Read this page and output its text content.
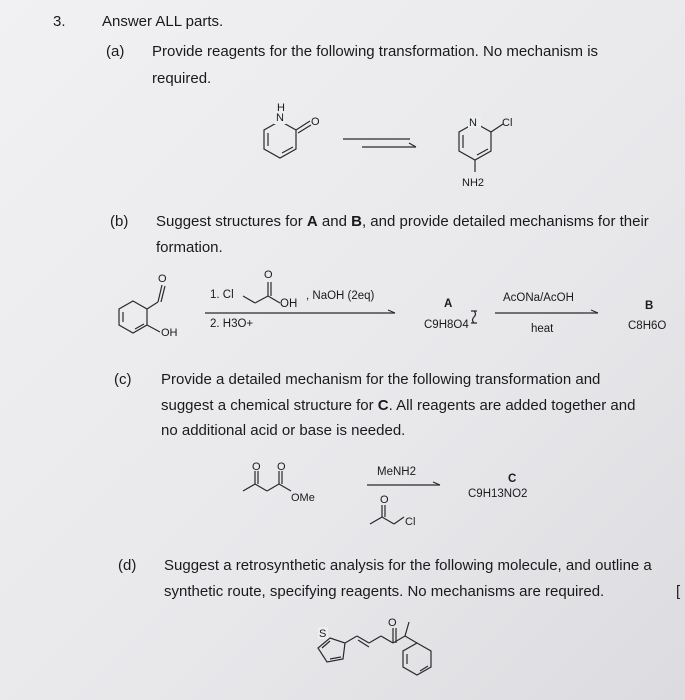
3. Answer ALL parts.
(a) Provide reagents for the following transformation. No mechanism is
required.
(b) Suggest structures for A and B, and provide detailed mechanisms for their
formation.
(c) Provide a detailed mechanism for the following transformation and
suggest a chemical structure for C. All reagents are added together and
no additional acid or base is needed.
(d) Suggest a retrosynthetic analysis for the following molecule, and outline a
synthetic route, specifying reagents. No mechanisms are required.	[
N
H
O	N Cl
NH2
O
OH
O
O O
OMe	O
Cl
O
S
1. Cl
OH
, NaOH (2eq)
2. H3O+
A
C9H8O4
AcONa/AcOH
heat
B
C8H6O
MeNH2
C
C9H13NO2
